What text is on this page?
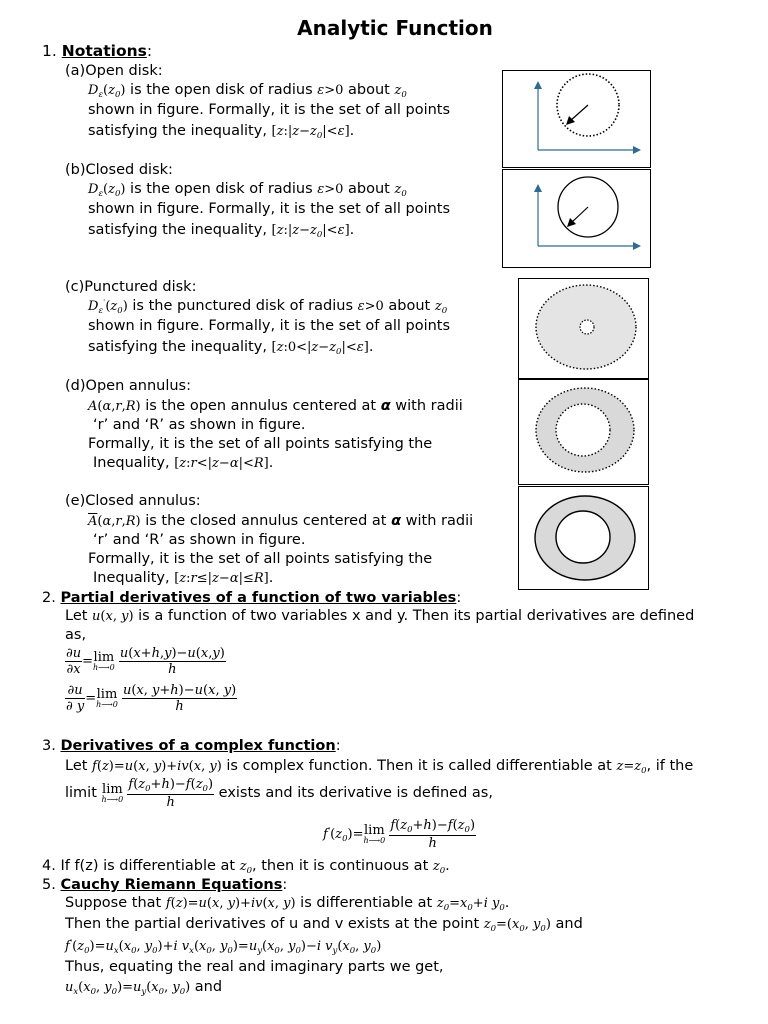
Analytic Function
1. Notations:
(a)Open disk:
$D_\varepsilon(z_0)$ is the open disk of radius ε>0 about $z_0$
shown in figure. Formally, it is the set of all points
satisfying the inequality, $[z:|z-z_0|<\varepsilon]$.
(b)Closed disk:
$D_\varepsilon(z_0)$ is the open disk of radius ε>0 about $z_0$
shown in figure. Formally, it is the set of all points
satisfying the inequality, $[z:|z-z_0|<\varepsilon]$.
(c)Punctured disk:
$D_\varepsilon'(z_0)$ is the punctured disk of radius ε>0 about $z_0$
shown in figure. Formally, it is the set of all points
satisfying the inequality, $[z:0<|z-z_0|<\varepsilon]$.
(d)Open annulus:
A(α,r,R) is the open annulus centered at α with radii
‘r’ and ‘R’ as shown in figure.
Formally, it is the set of all points satisfying the
Inequality, [z:r<|z−α|<R].
(e)Closed annulus:
$\overline{A}(\alpha,r,R)$ is the closed annulus centered at α with radii
‘r’ and ‘R’ as shown in figure.
Formally, it is the set of all points satisfying the
Inequality, [z:r≤|z−α|≤R].
2. Partial derivatives of a function of two variables:
Let u(x, y) is a function of two variables x and y. Then its partial derivatives are defined
as,
$\frac{\partial u}{\partial x} = \lim$
h⟶0
$\frac{u(x+h,y)-u(x,y)}{h}$
$\frac{\partial u}{\partial y} = \lim$
h⟶0
$\frac{u(x, y+h)-u(x, y)}{h}$
3. Derivatives of a complex function:
Let f(z)=u(x, y)+iv(x, y) is complex function. Then it is called differentiable at $z=z_0$, if the
limit lim
h⟶0
$\frac{f(z_0+h)-f(z_0)}{h}$ exists and its derivative is defined as,
$f'(z_0)= \lim$
h⟶0
$\frac{f(z_0+h)-f(z_0)}{h}$
4. If f(z) is differentiable at $z_0$, then it is continuous at $z_0$.
5. Cauchy Riemann Equations:
Suppose that f(z)=u(x, y)+iv(x, y) is differentiable at $z_0=x_0+i$ $y_0$.
Then the partial derivatives of u and v exists at the point $z_0=(x_0$, $y_0$) and
$f'(z_0)=u_x(x_0$, $y_0)+i$ $v_x(x_0$, $y_0)=u_y(x_0$, $y_0)-i$ $v_y(x_0$, $y_0$)
Thus, equating the real and imaginary parts we get,
$u_x(x_0$, $y_0)=u_y(x_0$, $y_0$) and
